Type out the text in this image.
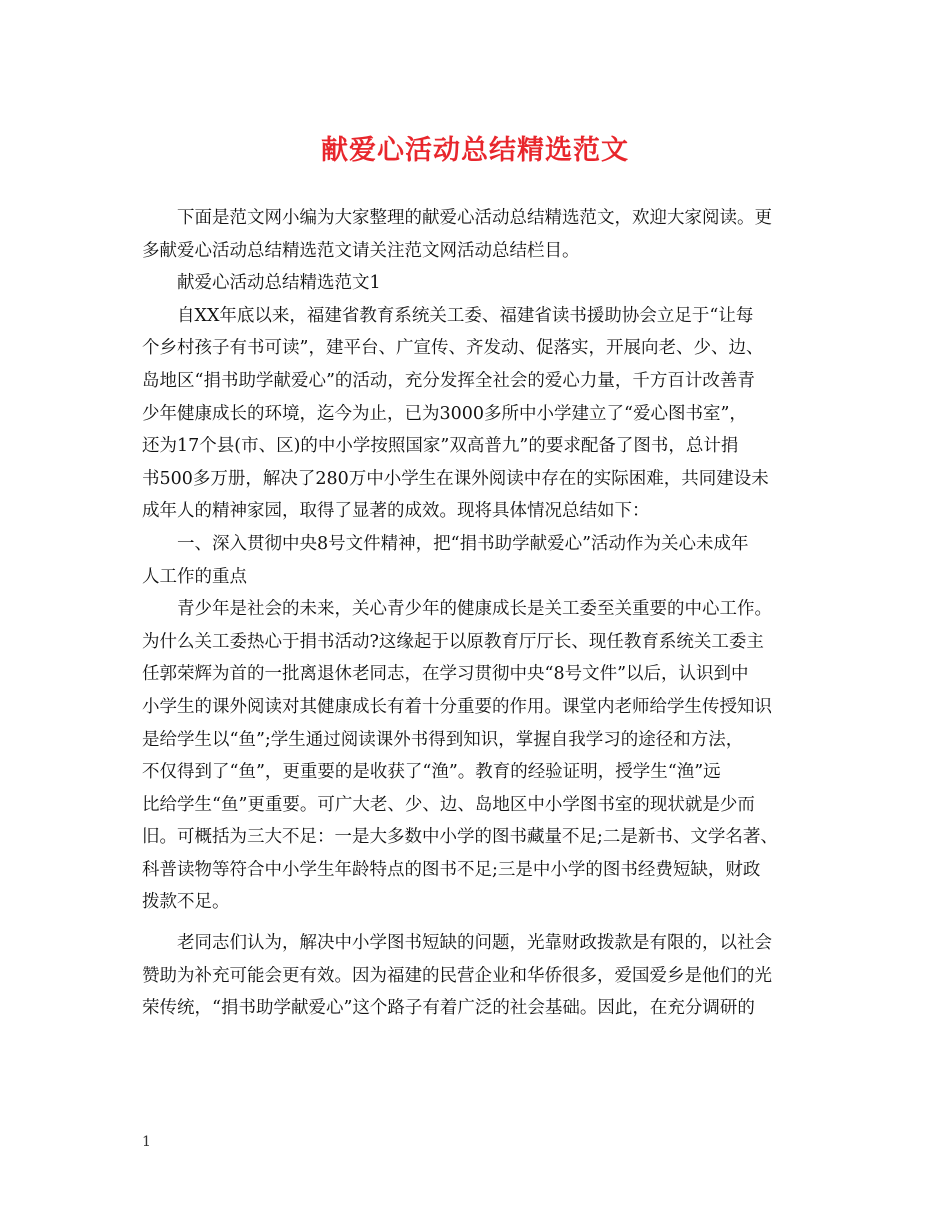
献爱心活动总结精选范文
　　下面是范文网小编为大家整理的献爱心活动总结精选范文，欢迎大家阅读。更
多献爱心活动总结精选范文请关注范文网活动总结栏目。
　　献爱心活动总结精选范文1
　　自XX年底以来，福建省教育系统关工委、福建省读书援助协会立足于“让每
个乡村孩子有书可读”，建平台、广宣传、齐发动、促落实，开展向老、少、边、
岛地区“捐书助学献爱心”的活动，充分发挥全社会的爱心力量，千方百计改善青
少年健康成长的环境，迄今为止，已为3000多所中小学建立了“爱心图书室”，
还为17个县(市、区)的中小学按照国家”双高普九”的要求配备了图书，总计捐
书500多万册，解决了280万中小学生在课外阅读中存在的实际困难，共同建设未
成年人的精神家园，取得了显著的成效。现将具体情况总结如下：
　　一、深入贯彻中央8号文件精神，把“捐书助学献爱心”活动作为关心未成年
人工作的重点
　　青少年是社会的未来，关心青少年的健康成长是关工委至关重要的中心工作。
为什么关工委热心于捐书活动?这缘起于以原教育厅厅长、现任教育系统关工委主
任郭荣辉为首的一批离退休老同志，在学习贯彻中央“8号文件”以后，认识到中
小学生的课外阅读对其健康成长有着十分重要的作用。课堂内老师给学生传授知识
是给学生以“鱼”;学生通过阅读课外书得到知识，掌握自我学习的途径和方法，
不仅得到了“鱼”，更重要的是收获了“渔”。教育的经验证明，授学生“渔”远
比给学生“鱼”更重要。可广大老、少、边、岛地区中小学图书室的现状就是少而
旧。可概括为三大不足：一是大多数中小学的图书藏量不足;二是新书、文学名著、
科普读物等符合中小学生年龄特点的图书不足;三是中小学的图书经费短缺，财政
拨款不足。
　　老同志们认为，解决中小学图书短缺的问题，光靠财政拨款是有限的，以社会
赞助为补充可能会更有效。因为福建的民营企业和华侨很多，爱国爱乡是他们的光
荣传统，“捐书助学献爱心”这个路子有着广泛的社会基础。因此，在充分调研的
1
